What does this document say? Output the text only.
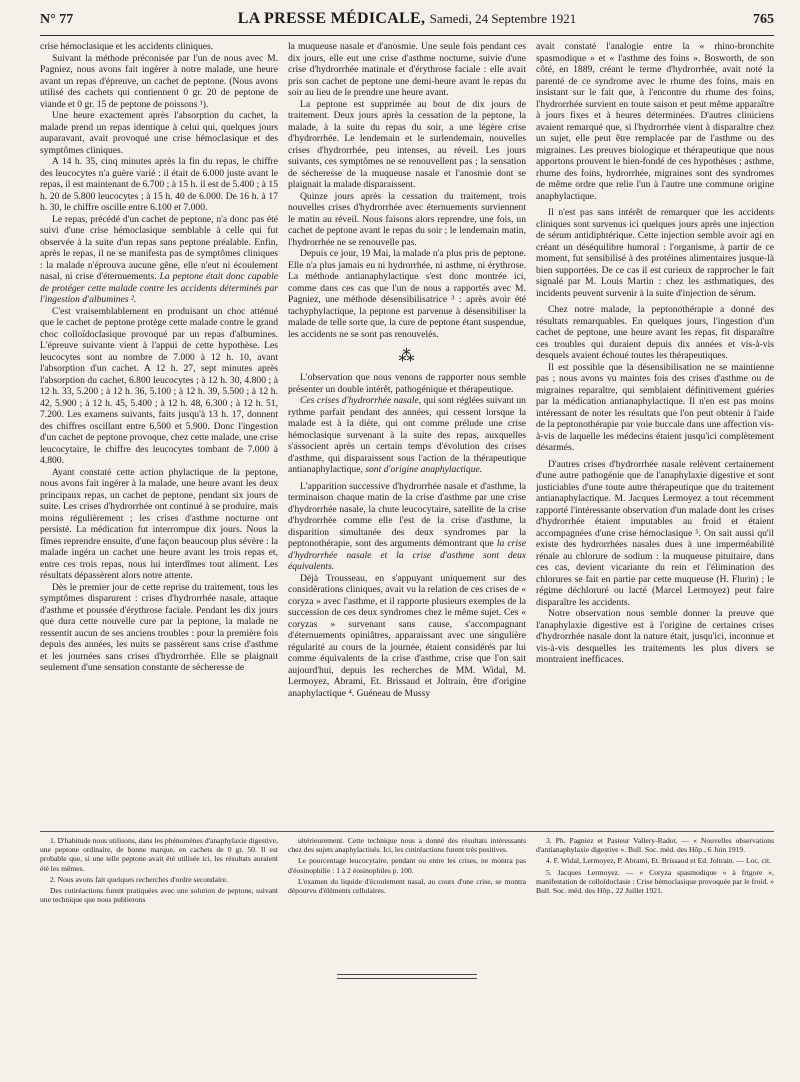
N° 77	LA PRESSE MÉDICALE, Samedi, 24 Septembre 1921	765

crise hémoclasique et les accidents cliniques.

Suivant la méthode préconisée par l'un de nous avec M. Pagniez, nous avons fait ingérer à notre malade, une heure avant un repas d'épreuve, un cachet de peptone. (Nous avons utilisé des cachets qui contiennent 0 gr. 20 de peptone de viande et 0 gr. 15 de peptone de poissons ¹).

Une heure exactement après l'absorption du cachet, la malade prend un repas identique à celui qui, quelques jours auparavant, avait provoqué une crise hémoclasique et des symptômes cliniques.

A 14 h. 35, cinq minutes après la fin du repas, le chiffre des leucocytes n'a guère varié : il était de 6.000 juste avant le repas, il est maintenant de 6.700 ; à 15 h. il est de 5.400 ; à 15 h. 20 de 5.800 leucocytes ; à 15 h. 40 de 6.000. De 16 h. à 17 h. 30, le chiffre oscille entre 6.100 et 7.000.

Le repas, précédé d'un cachet de peptone, n'a donc pas été suivi d'une crise hémoclasique semblable à celle qui fut observée à la suite d'un repas sans peptone préalable. Enfin, après le repas, il ne se manifesta pas de symptômes cliniques : la malade n'éprouva aucune gêne, elle n'eut ni écoulement nasal, ni crise d'éternuements. La peptone était donc capable de protéger cette malade contre les accidents déterminés par l'ingestion d'albumines ².

C'est vraisemblablement en produisant un choc atténué que le cachet de peptone protège cette malade contre le grand choc colloïdoclasique provoqué par un repas d'albumines. L'épreuve suivante vient à l'appui de cette hypothèse. Les leucocytes sont au nombre de 7.000 à 12 h. 10, avant l'absorption d'un cachet. A 12 h. 27, sept minutes après l'absorption du cachet, 6.800 leucocytes ; à 12 h. 30, 4.800 ; à 12 h. 33, 5.200 ; à 12 h. 36, 5.100 ; à 12 h. 39, 5.500 ; à 12 h. 42, 5.900 ; à 12 h. 45, 5.400 ; à 12 h. 48, 6.300 ; à 12 h. 51, 7.200. Les examens suivants, faits jusqu'à 13 h. 17, donnent des chiffres oscillant entre 6.500 et 5.900. Donc l'ingestion d'un cachet de peptone provoque, chez cette malade, une crise leucocytaire, le chiffre des leucocytes tombant de 7.000 à 4.800.

Ayant constaté cette action phylactique de la peptone, nous avons fait ingérer à la malade, une heure avant les deux principaux repas, un cachet de peptone, pendant six jours de suite. Les crises d'hydrorrhée ont continué à se produire, mais moins régulièrement ; les crises d'asthme nocturne ont persisté. La médication fut interrompue dix jours. Nous la fîmes reprendre ensuite, d'une façon beaucoup plus sévère : la malade ingéra un cachet une heure avant les trois repas et, entre ces trois repas, nous lui interdîmes tout aliment. Les résultats dépassèrent alors notre attente.

Dès le premier jour de cette reprise du traitement, tous les symptômes disparurent : crises d'hydrorrhée nasale, attaque d'asthme et poussée d'érythrose faciale. Pendant les dix jours que dura cette nouvelle cure par la peptone, la malade ne ressentit aucun de ses anciens troubles : pour la première fois depuis des années, les nuits se passèrent sans crise d'asthme et les journées sans crises d'hydrorrhée. Elle se plaignait seulement d'une sensation constante de sécheresse de

la muqueuse nasale et d'anosmie. Une seule fois pendant ces dix jours, elle eut une crise d'asthme nocturne, suivie d'une crise d'hydrorrhée matinale et d'érythrose faciale : elle avait pris son cachet de peptone une demi-heure avant le repas du soir au lieu de le prendre une heure avant.

La peptone est supprimée au bout de dix jours de traitement. Deux jours après la cessation de la peptone, la malade, à la suite du repas du soir, a une légère crise d'hydrorrhée. Le lendemain et le surlendemain, nouvelles crises d'hydrorrhée, peu intenses, au réveil. Les jours suivants, ces symptômes ne se renouvellent pas ; la sensation de sécheresse de la muqueuse nasale et l'anosmie dont se plaignait la malade disparaissent.

Quinze jours après la cessation du traitement, trois nouvelles crises d'hydrorrhée avec éternuements surviennent le matin au réveil. Nous faisons alors reprendre, une fois, un cachet de peptone avant le repas du soir ; le lendemain matin, l'hydrorrhée ne se renouvelle pas.

Depuis ce jour, 19 Mai, la malade n'a plus pris de peptone. Elle n'a plus jamais eu ni hydrorrhée, ni asthme, ni érythrose. La méthode antianaphylactique s'est donc montrée ici, comme dans ces cas que l'un de nous a rapportés avec M. Pagniez, une méthode désensibilisatrice ³ : après avoir été tachyphylactique, la peptone est parvenue à désensibiliser la malade de telle sorte que, la cure de peptone étant suspendue, les accidents ne se sont pas renouvelés.

⁂

L'observation que nous venons de rapporter nous semble présenter un double intérêt, pathogénique et thérapeutique.

Ces crises d'hydrorrhée nasale, qui sont réglées suivant un rythme parfait pendant des années, qui cessent lorsque la malade est à la diète, qui ont comme prélude une crise hémoclasique survenant à la suite des repas, auxquelles s'associent après un certain temps d'évolution des crises d'asthme, qui disparaissent sous l'action de la thérapeutique antianaphylactique, sont d'origine anaphylactique.

L'apparition successive d'hydrorrhée nasale et d'asthme, la terminaison chaque matin de la crise d'asthme par une crise d'hydrorrhée nasale, la chute leucocytaire, satellite de la crise d'hydrorrhée comme elle l'est de la crise d'asthme, la disparition simultanée des deux syndromes par la peptonothérapie, sont des arguments démontrant que la crise d'hydrorrhée nasale et la crise d'asthme sont deux équivalents.

Déjà Trousseau, en s'appuyant uniquement sur des considérations cliniques, avait vu la relation de ces crises de « coryza » avec l'asthme, et il rapporte plusieurs exemples de la succession de ces deux syndromes chez le même sujet. Ces « coryzas » survenant sans cause, s'accompagnant d'éternuements opiniâtres, apparaissant avec une singulière régularité au cours de la journée, étaient considérés par lui comme équivalents de la crise d'asthme, crise que l'on sait aujourd'hui, depuis les recherches de MM. Widal, M. Lermoyez, Abrami, Et. Brissaud et Joltrain, être d'origine anaphylactique ⁴. Guéneau de Mussy

avait constaté l'analogie entre la « rhino-bronchite spasmodique » et « l'asthme des foins ». Bosworth, de son côté, en 1889, créant le terme d'hydrorrhée, avait noté la parenté de ce syndrome avec le rhume des foins, mais en insistant sur le fait que, à l'encontre du rhume des foins, l'hydrorrhée survient en toute saison et peut même apparaître à jours fixes et à heures déterminées. D'autres cliniciens avaient remarqué que, si l'hydrorrhée vient à disparaître chez un sujet, elle peut être remplacée par de l'asthme ou des migraines. Les preuves biologique et thérapeutique que nous apportons prouvent le bien-fondé de ces hypothèses ; asthme, rhume des foins, hydrorrhée, migraines sont des syndromes de même ordre que relie l'un à l'autre une commune origine anaphylactique.

Il n'est pas sans intérêt de remarquer que les accidents cliniques sont survenus ici quelques jours après une injection de sérum antidiphtérique. Cette injection semble avoir agi en créant un déséquilibre humoral : l'organisme, à partir de ce moment, fut sensibilisé à des protéines alimentaires jusque-là bien supportées. De ce cas il est curieux de rapprocher le fait signalé par M. Louis Martin : chez les asthmatiques, des incidents peuvent survenir à la suite d'injection de sérum.

Chez notre malade, la peptonothérapie a donné des résultats remarquables. En quelques jours, l'ingestion d'un cachet de peptone, une heure avant les repas, fit disparaître ces troubles qui duraient depuis dix années et vis-à-vis desquels avaient échoué toutes les thérapeutiques.

Il est possible que la désensibilisation ne se maintienne pas ; nous avons vu maintes fois des crises d'asthme ou de migraines reparaître, qui semblaient définitivement guéries par la médication antianaphylactique. Il n'en est pas moins intéressant de noter les résultats que l'on peut obtenir à l'aide de la peptonothérapie par voie buccale dans une affection vis-à-vis de laquelle les médecins étaient jusqu'ici complètement désarmés.

D'autres crises d'hydrorrhée nasale relèvent certainement d'une autre pathogénie que de l'anaphylaxie digestive et sont justiciables d'une toute autre thérapeutique que du traitement antianaphylactique. M. Jacques Lermoyez a tout récemment rapporté l'intéressante observation d'un malade dont les crises d'hydrorrhée étaient imputables au froid et étaient accompagnées d'une crise hémoclasique ⁵. On sait aussi qu'il existe des hydrorrhées nasales dues à une imperméabilité rénale au chlorure de sodium : la muqueuse pituitaire, dans ces cas, devient vicariante du rein et l'élimination des chlorures se fait en partie par cette muqueuse (H. Flurin) ; le régime déchloruré ou lacté (Marcel Lermoyez) peut faire disparaître les accidents.

Notre observation nous semble donner la preuve que l'anaphylaxie digestive est à l'origine de certaines crises d'hydrorrhée nasale dont la nature était, jusqu'ici, inconnue et vis-à-vis desquelles les traitements les plus divers se montraient inefficaces.

1. D'habitude nous utilisons, dans les phénomènes d'anaphylaxie digestive, une peptone ordinaire, de bonne marque, en cachets de 0 gr. 50. Il est probable que, si une telle peptone avait été utilisée ici, les résultats auraient été les mêmes.

2. Nous avons fait quelques recherches d'ordre secondaire.

Des cutiréactions furent pratiquées avec une solution de peptone, suivant une technique que nous publierons

ultérieurement. Cette technique nous a donné des résultats intéressants chez des sujets anaphylactisés. Ici, les cutiréactions furent très positives.

Le pourcentage leucocytaire, pendant ou entre les crises, ne montra pas d'éosinophilie : 1 à 2 éosinophiles p. 100.

L'examen du liquide d'écoulement nasal, au cours d'une crise, se montra dépourvu d'éléments cellulaires.

3. Ph. Pagniez et Pasteur Vallery-Radot. — « Nouvelles observations d'antianaphylaxie digestive ». Bull. Soc. méd. des Hôp., 6 Juin 1919.

4. F. Widal, Lermoyez, P. Abrami, Et. Brissaud et Ed. Joltrain. — Loc. cit.

5. Jacques Lermoyez. — « Coryza spasmodique « à frigore », manifestation de colloïdoclasie : Crise hémoclasique provoquée par le froid. » Bull. Soc. méd. des Hôp., 22 Juillet 1921.
